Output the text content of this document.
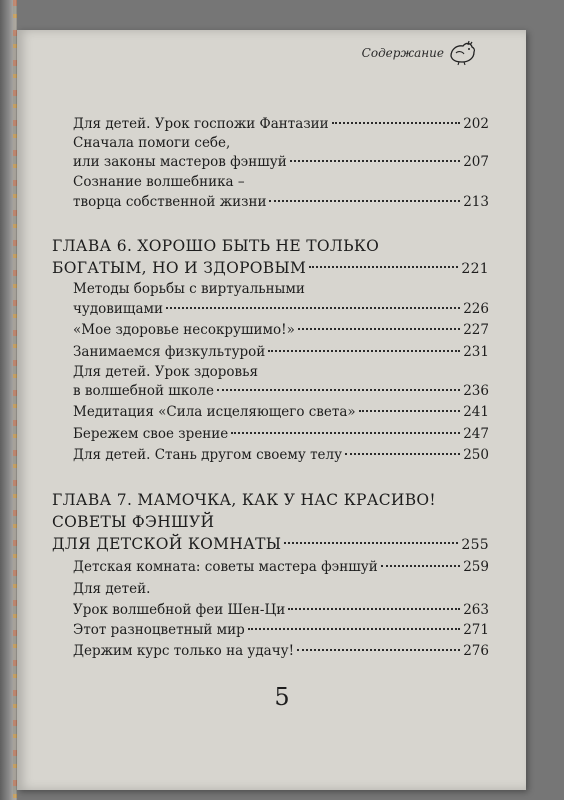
Содержание
Для детей. Урок госпожи Фантазии	202
Сначала помоги себе,
или законы мастеров фэншуй	207
Сознание волшебника –
творца собственной жизни	213
ГЛАВА 6. ХОРОШО БЫТЬ НЕ ТОЛЬКО
БОГАТЫМ, НО И ЗДОРОВЫМ	221
Методы борьбы с виртуальными
чудовищами	226
«Мое здоровье несокрушимо!»	227
Занимаемся физкультурой	231
Для детей. Урок здоровья
в волшебной школе	236
Медитация «Сила исцеляющего света»	241
Бережем свое зрение	247
Для детей. Стань другом своему телу	250
ГЛАВА 7. МАМОЧКА, КАК У НАС КРАСИВО!
СОВЕТЫ ФЭНШУЙ
ДЛЯ ДЕТСКОЙ КОМНАТЫ	255
Детская комната: советы мастера фэншуй	259
Для детей.
Урок волшебной феи Шен-Ци	263
Этот разноцветный мир	271
Держим курс только на удачу!	276
5
